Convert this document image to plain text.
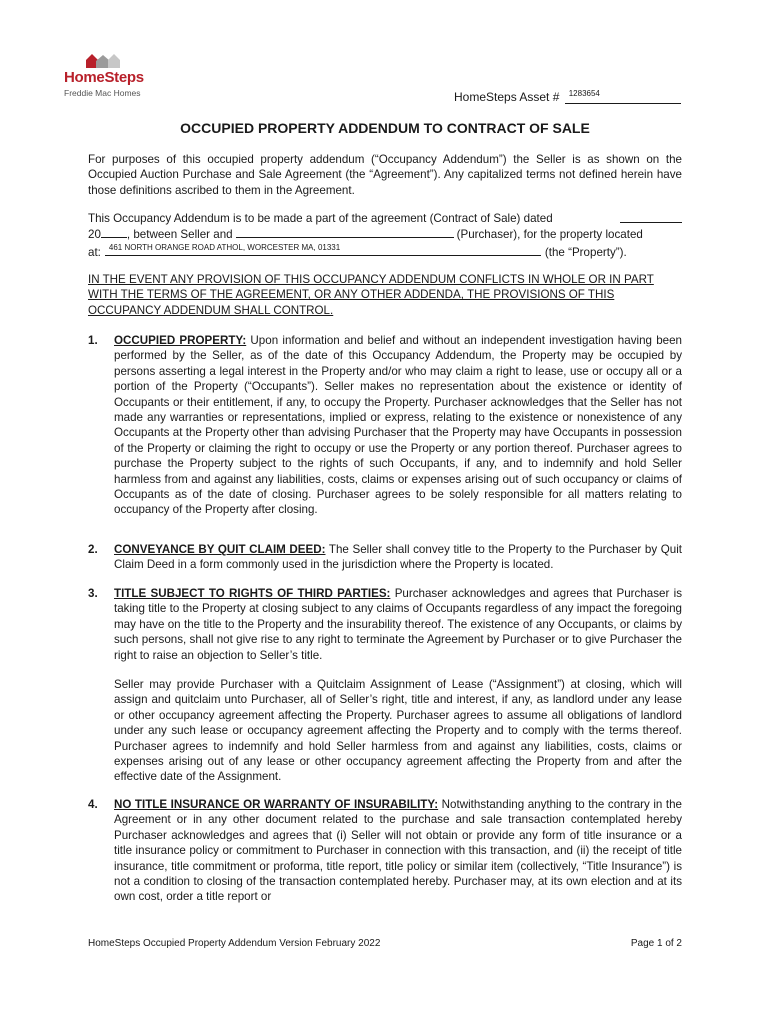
HomeSteps
Freddie Mac Homes	HomeSteps Asset # 1283654
OCCUPIED PROPERTY ADDENDUM TO CONTRACT OF SALE

For purposes of this occupied property addendum (“Occupancy Addendum”) the Seller is as shown on the Occupied Auction Purchase and Sale Agreement (the “Agreement”). Any capitalized terms not defined herein have those definitions ascribed to them in the Agreement.

This Occupancy Addendum is to be made a part of the agreement (Contract of Sale) dated
20 , between Seller and	(Purchaser), for the property located
at: 461 NORTH ORANGE ROAD ATHOL, WORCESTER MA, 01331	(the “Property”).

IN THE EVENT ANY PROVISION OF THIS OCCUPANCY ADDENDUM CONFLICTS IN WHOLE OR IN PART WITH THE TERMS OF THE AGREEMENT, OR ANY OTHER ADDENDA, THE PROVISIONS OF THIS OCCUPANCY ADDENDUM SHALL CONTROL.

1. OCCUPIED PROPERTY: Upon information and belief and without an independent investigation having been performed by the Seller, as of the date of this Occupancy Addendum, the Property may be occupied by persons asserting a legal interest in the Property and/or who may claim a right to lease, use or occupy all or a portion of the Property (“Occupants”). Seller makes no representation about the existence or identity of Occupants or their entitlement, if any, to occupy the Property. Purchaser acknowledges that the Seller has not made any warranties or representations, implied or express, relating to the existence or nonexistence of any Occupants at the Property other than advising Purchaser that the Property may have Occupants in possession of the Property or claiming the right to occupy or use the Property or any portion thereof. Purchaser agrees to purchase the Property subject to the rights of such Occupants, if any, and to indemnify and hold Seller harmless from and against any liabilities, costs, claims or expenses arising out of such occupancy or claims of Occupants as of the date of closing. Purchaser agrees to be solely responsible for all matters relating to occupancy of the Property after closing.
2. CONVEYANCE BY QUIT CLAIM DEED: The Seller shall convey title to the Property to the Purchaser by Quit Claim Deed in a form commonly used in the jurisdiction where the Property is located.
3. TITLE SUBJECT TO RIGHTS OF THIRD PARTIES: Purchaser acknowledges and agrees that Purchaser is taking title to the Property at closing subject to any claims of Occupants regardless of any impact the foregoing may have on the title to the Property and the insurability thereof. The existence of any Occupants, or claims by such persons, shall not give rise to any right to terminate the Agreement by Purchaser or to give Purchaser the right to raise an objection to Seller’s title.
Seller may provide Purchaser with a Quitclaim Assignment of Lease (“Assignment”) at closing, which will assign and quitclaim unto Purchaser, all of Seller’s right, title and interest, if any, as landlord under any lease or other occupancy agreement affecting the Property. Purchaser agrees to assume all obligations of landlord under any such lease or occupancy agreement affecting the Property and to comply with the terms thereof. Purchaser agrees to indemnify and hold Seller harmless from and against any liabilities, costs, claims or expenses arising out of any lease or other occupancy agreement affecting the Property from and after the effective date of the Assignment.
4. NO TITLE INSURANCE OR WARRANTY OF INSURABILITY: Notwithstanding anything to the contrary in the Agreement or in any other document related to the purchase and sale transaction contemplated hereby Purchaser acknowledges and agrees that (i) Seller will not obtain or provide any form of title insurance or a title insurance policy or commitment to Purchaser in connection with this transaction, and (ii) the receipt of title insurance, title commitment or proforma, title report, title policy or similar item (collectively, “Title Insurance”) is not a condition to closing of the transaction contemplated hereby. Purchaser may, at its own election and at its own cost, order a title report or
HomeSteps Occupied Property Addendum Version February 2022	Page 1 of 2
